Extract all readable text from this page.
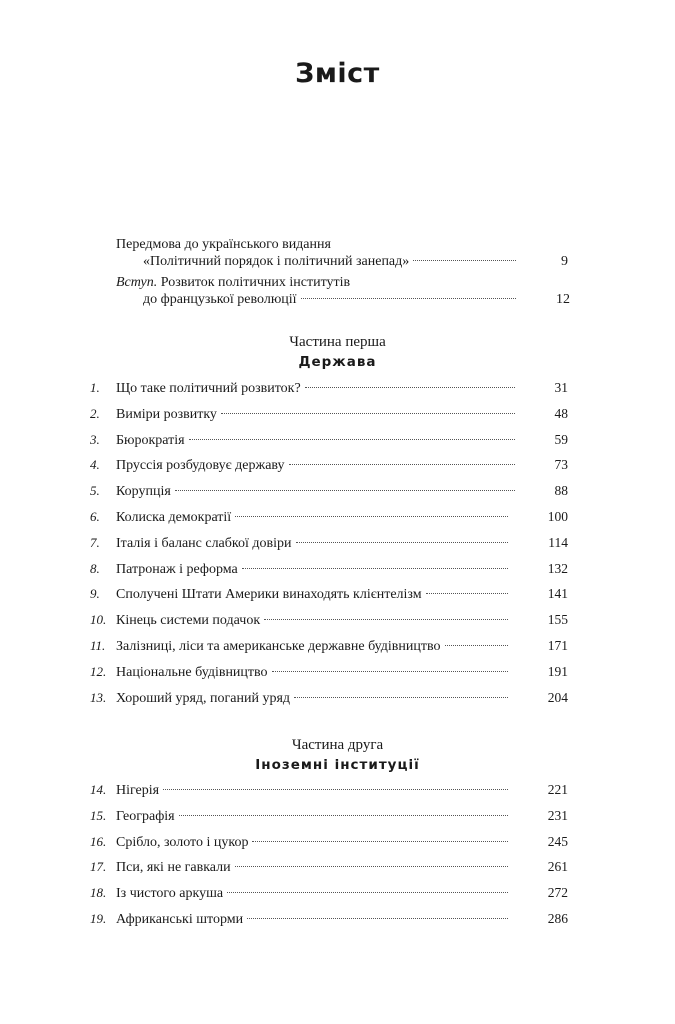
Зміст
Передмова до українського видання
«Політичний порядок і політичний занепад»	9
Вступ. Розвиток політичних інститутів
до французької революції	12
Частина перша
Держава
1.	Що таке політичний розвиток?	31
2.	Виміри розвитку	48
3.	Бюрократія	59
4.	Пруссія розбудовує державу	73
5.	Корупція	88
6.	Колиска демократії	100
7.	Італія і баланс слабкої довіри	114
8.	Патронаж і реформа	132
9.	Сполучені Штати Америки винаходять клієнтелізм	141
10. Кінець системи подачок	155
11. Залізниці, ліси та американське державне будівництво	171
12. Національне будівництво	191
13. Хороший уряд, поганий уряд	204
Частина друга
Іноземні інституції
14. Нігерія	221
15. Географія	231
16. Срібло, золото і цукор	245
17. Пси, які не гавкали	261
18. Із чистого аркуша	272
19. Африканські шторми	286
